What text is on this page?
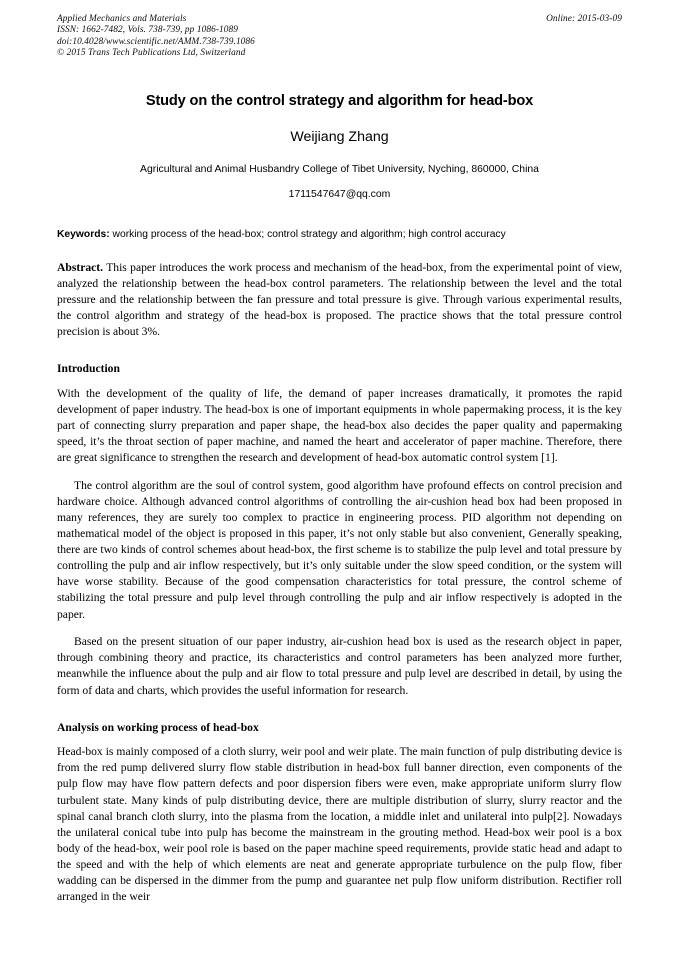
Applied Mechanics and Materials
ISSN: 1662-7482, Vols. 738-739, pp 1086-1089
doi:10.4028/www.scientific.net/AMM.738-739.1086
© 2015 Trans Tech Publications Ltd, Switzerland
Online: 2015-03-09
Study on the control strategy and algorithm for head-box
Weijiang Zhang
Agricultural and Animal Husbandry College of Tibet University, Nyching, 860000, China
1711547647@qq.com

Keywords: working process of the head-box; control strategy and algorithm; high control accuracy

Abstract. This paper introduces the work process and mechanism of the head-box, from the experimental point of view, analyzed the relationship between the head-box control parameters. The relationship between the level and the total pressure and the relationship between the fan pressure and total pressure is give. Through various experimental results, the control algorithm and strategy of the head-box is proposed. The practice shows that the total pressure control precision is about 3%.

Introduction

With the development of the quality of life, the demand of paper increases dramatically, it promotes the rapid development of paper industry. The head-box is one of important equipments in whole papermaking process, it is the key part of connecting slurry preparation and paper shape, the head-box also decides the paper quality and papermaking speed, it’s the throat section of paper machine, and named the heart and accelerator of paper machine. Therefore, there are great significance to strengthen the research and development of head-box automatic control system [1].

The control algorithm are the soul of control system, good algorithm have profound effects on control precision and hardware choice. Although advanced control algorithms of controlling the air-cushion head box had been proposed in many references, they are surely too complex to practice in engineering process. PID algorithm not depending on mathematical model of the object is proposed in this paper, it’s not only stable but also convenient, Generally speaking, there are two kinds of control schemes about head-box, the first scheme is to stabilize the pulp level and total pressure by controlling the pulp and air inflow respectively, but it’s only suitable under the slow speed condition, or the system will have worse stability. Because of the good compensation characteristics for total pressure, the control scheme of stabilizing the total pressure and pulp level through controlling the pulp and air inflow respectively is adopted in the paper.

Based on the present situation of our paper industry, air-cushion head box is used as the research object in paper, through combining theory and practice, its characteristics and control parameters has been analyzed more further, meanwhile the influence about the pulp and air flow to total pressure and pulp level are described in detail, by using the form of data and charts, which provides the useful information for research.

Analysis on working process of head-box

Head-box is mainly composed of a cloth slurry, weir pool and weir plate. The main function of pulp distributing device is from the red pump delivered slurry flow stable distribution in head-box full banner direction, even components of the pulp flow may have flow pattern defects and poor dispersion fibers were even, make appropriate uniform slurry flow turbulent state. Many kinds of pulp distributing device, there are multiple distribution of slurry, slurry reactor and the spinal canal branch cloth slurry, into the plasma from the location, a middle inlet and unilateral into pulp[2]. Nowadays the unilateral conical tube into pulp has become the mainstream in the grouting method. Head-box weir pool is a box body of the head-box, weir pool role is based on the paper machine speed requirements, provide static head and adapt to the speed and with the help of which elements are neat and generate appropriate turbulence on the pulp flow, fiber wadding can be dispersed in the dimmer from the pump and guarantee net pulp flow uniform distribution. Rectifier roll arranged in the weir
